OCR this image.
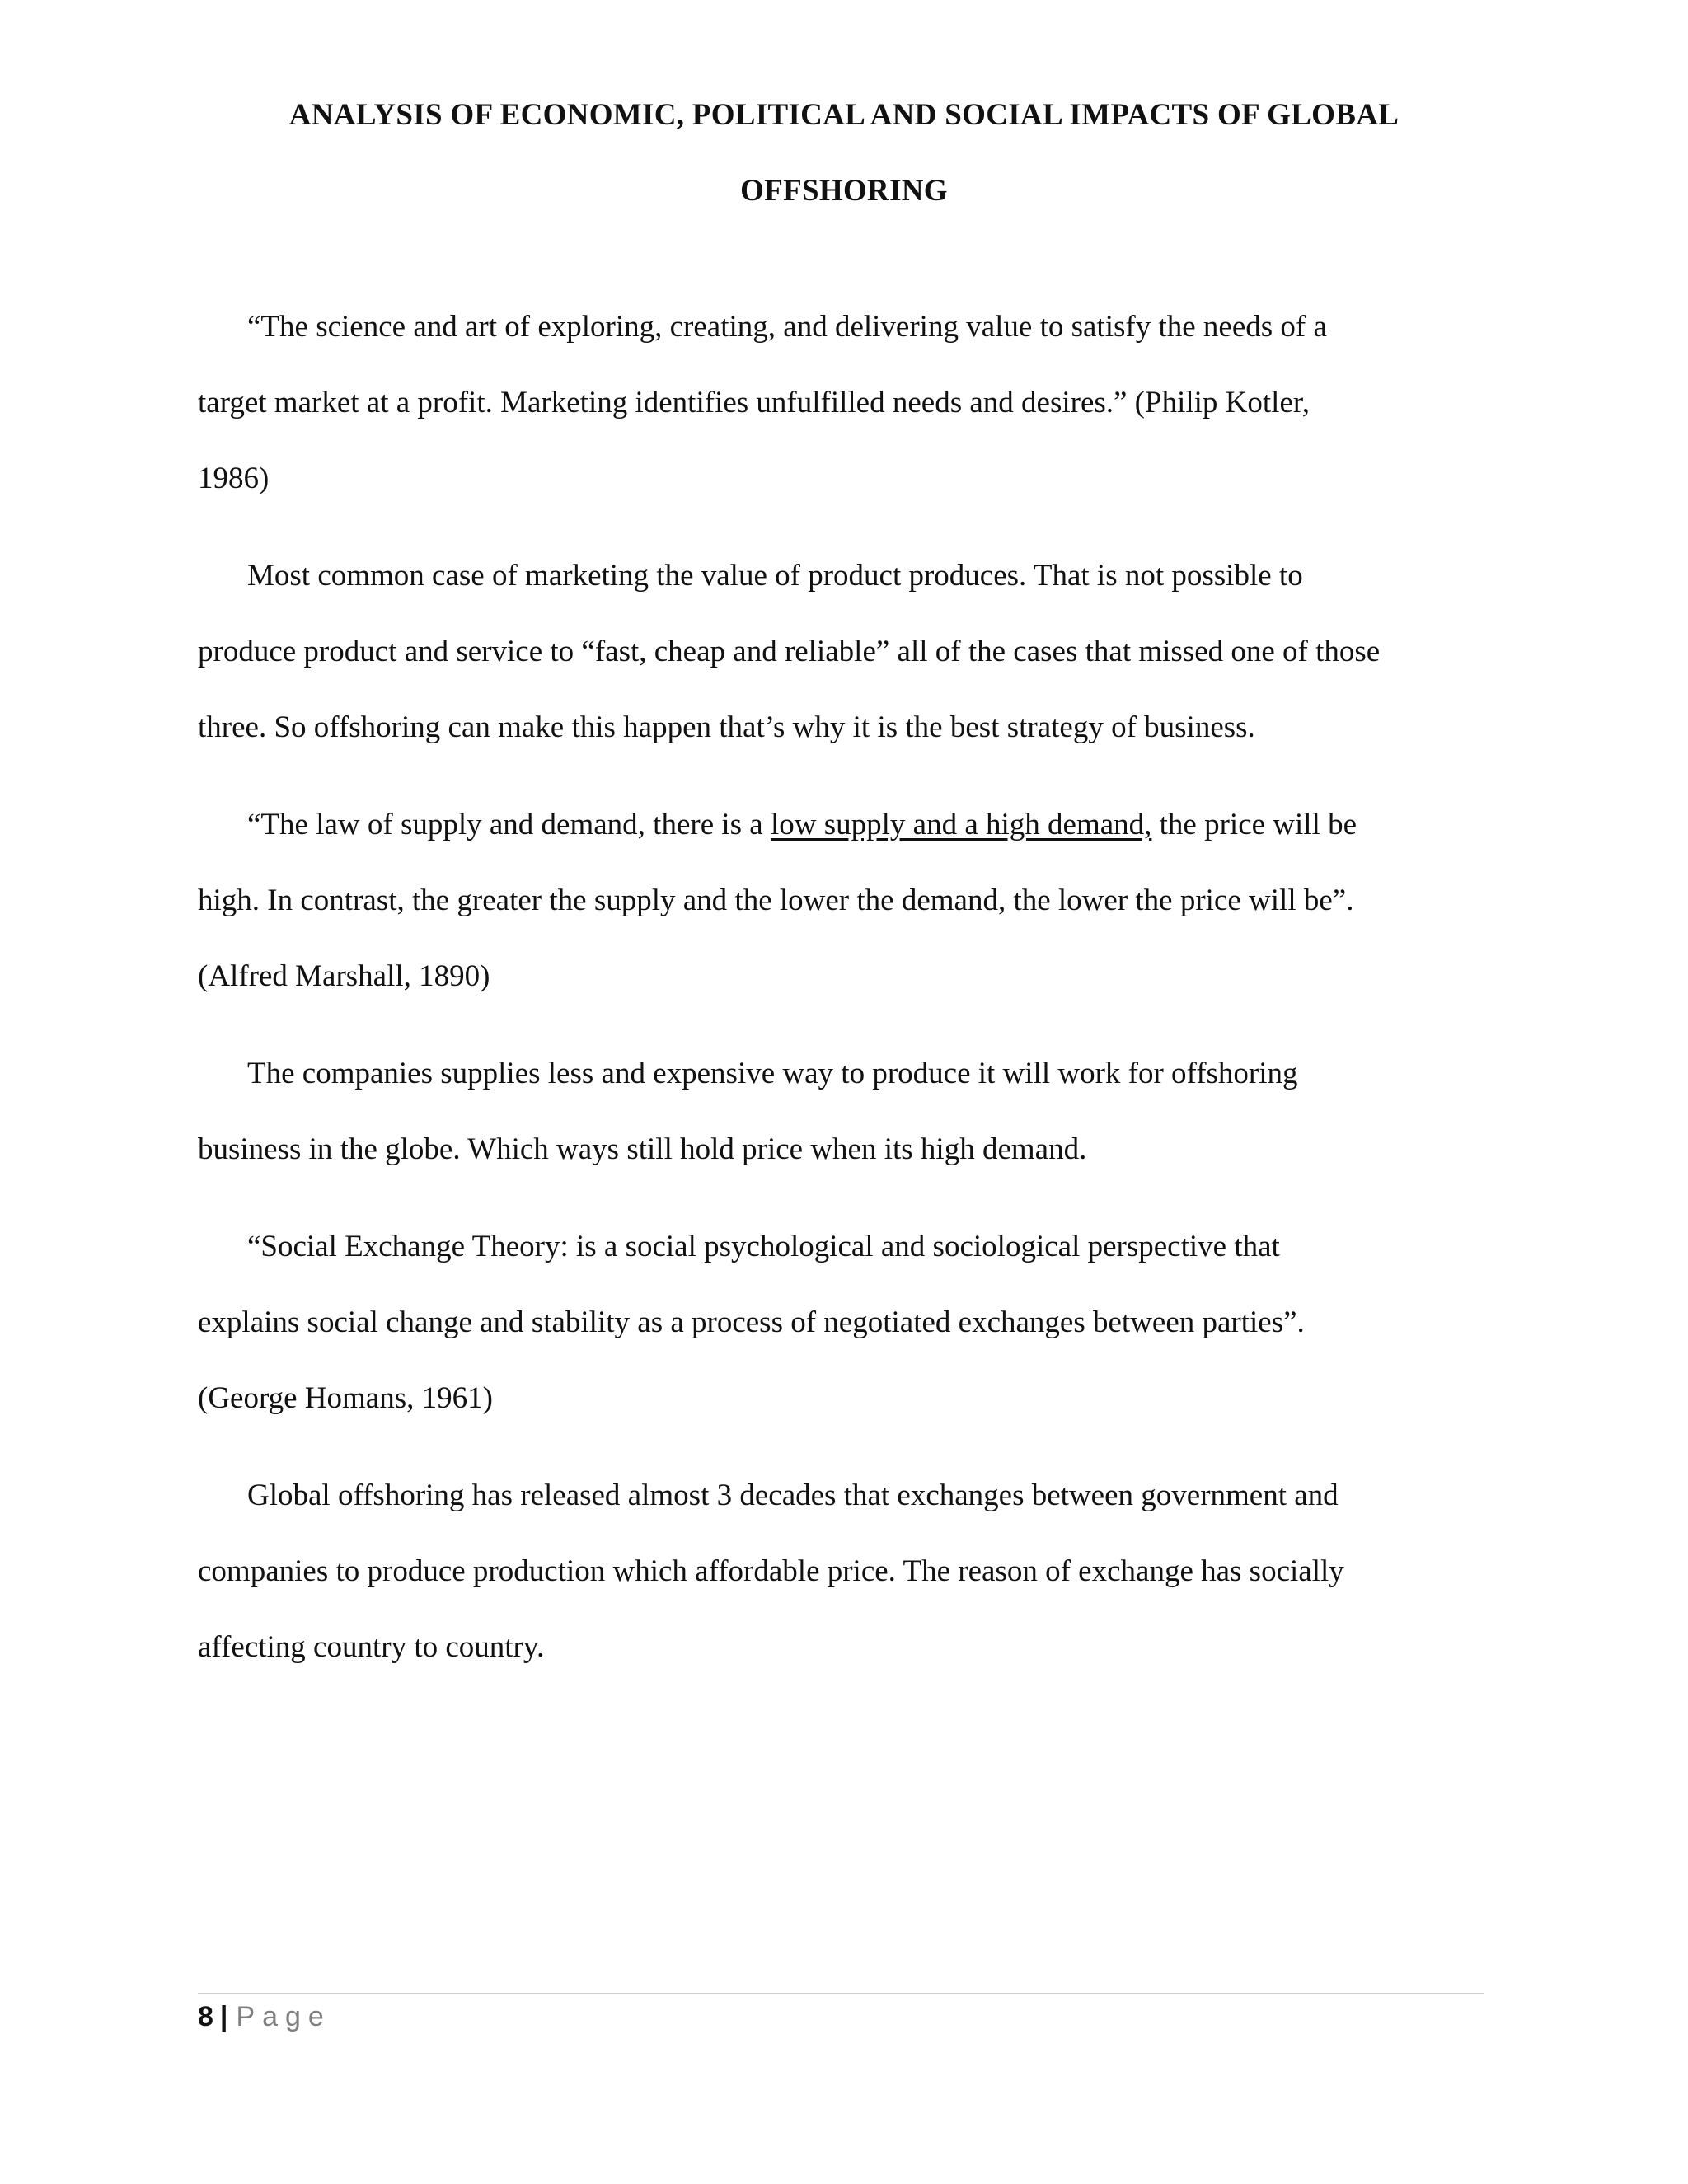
ANALYSIS OF ECONOMIC, POLITICAL AND SOCIAL IMPACTS OF GLOBAL
OFFSHORING
“The science and art of exploring, creating, and delivering value to satisfy the needs of a
target market at a profit. Marketing identifies unfulfilled needs and desires.” (Philip Kotler,
1986)
Most common case of marketing the value of product produces. That is not possible to
produce product and service to “fast, cheap and reliable” all of the cases that missed one of those
three. So offshoring can make this happen that’s why it is the best strategy of business.
“The law of supply and demand, there is a low supply and a high demand, the price will be
high. In contrast, the greater the supply and the lower the demand, the lower the price will be”.
(Alfred Marshall, 1890)
The companies supplies less and expensive way to produce it will work for offshoring
business in the globe. Which ways still hold price when its high demand.
“Social Exchange Theory: is a social psychological and sociological perspective that
explains social change and stability as a process of negotiated exchanges between parties”.
(George Homans, 1961)
Global offshoring has released almost 3 decades that exchanges between government and
companies to produce production which affordable price. The reason of exchange has socially
affecting country to country.
8 | Page
